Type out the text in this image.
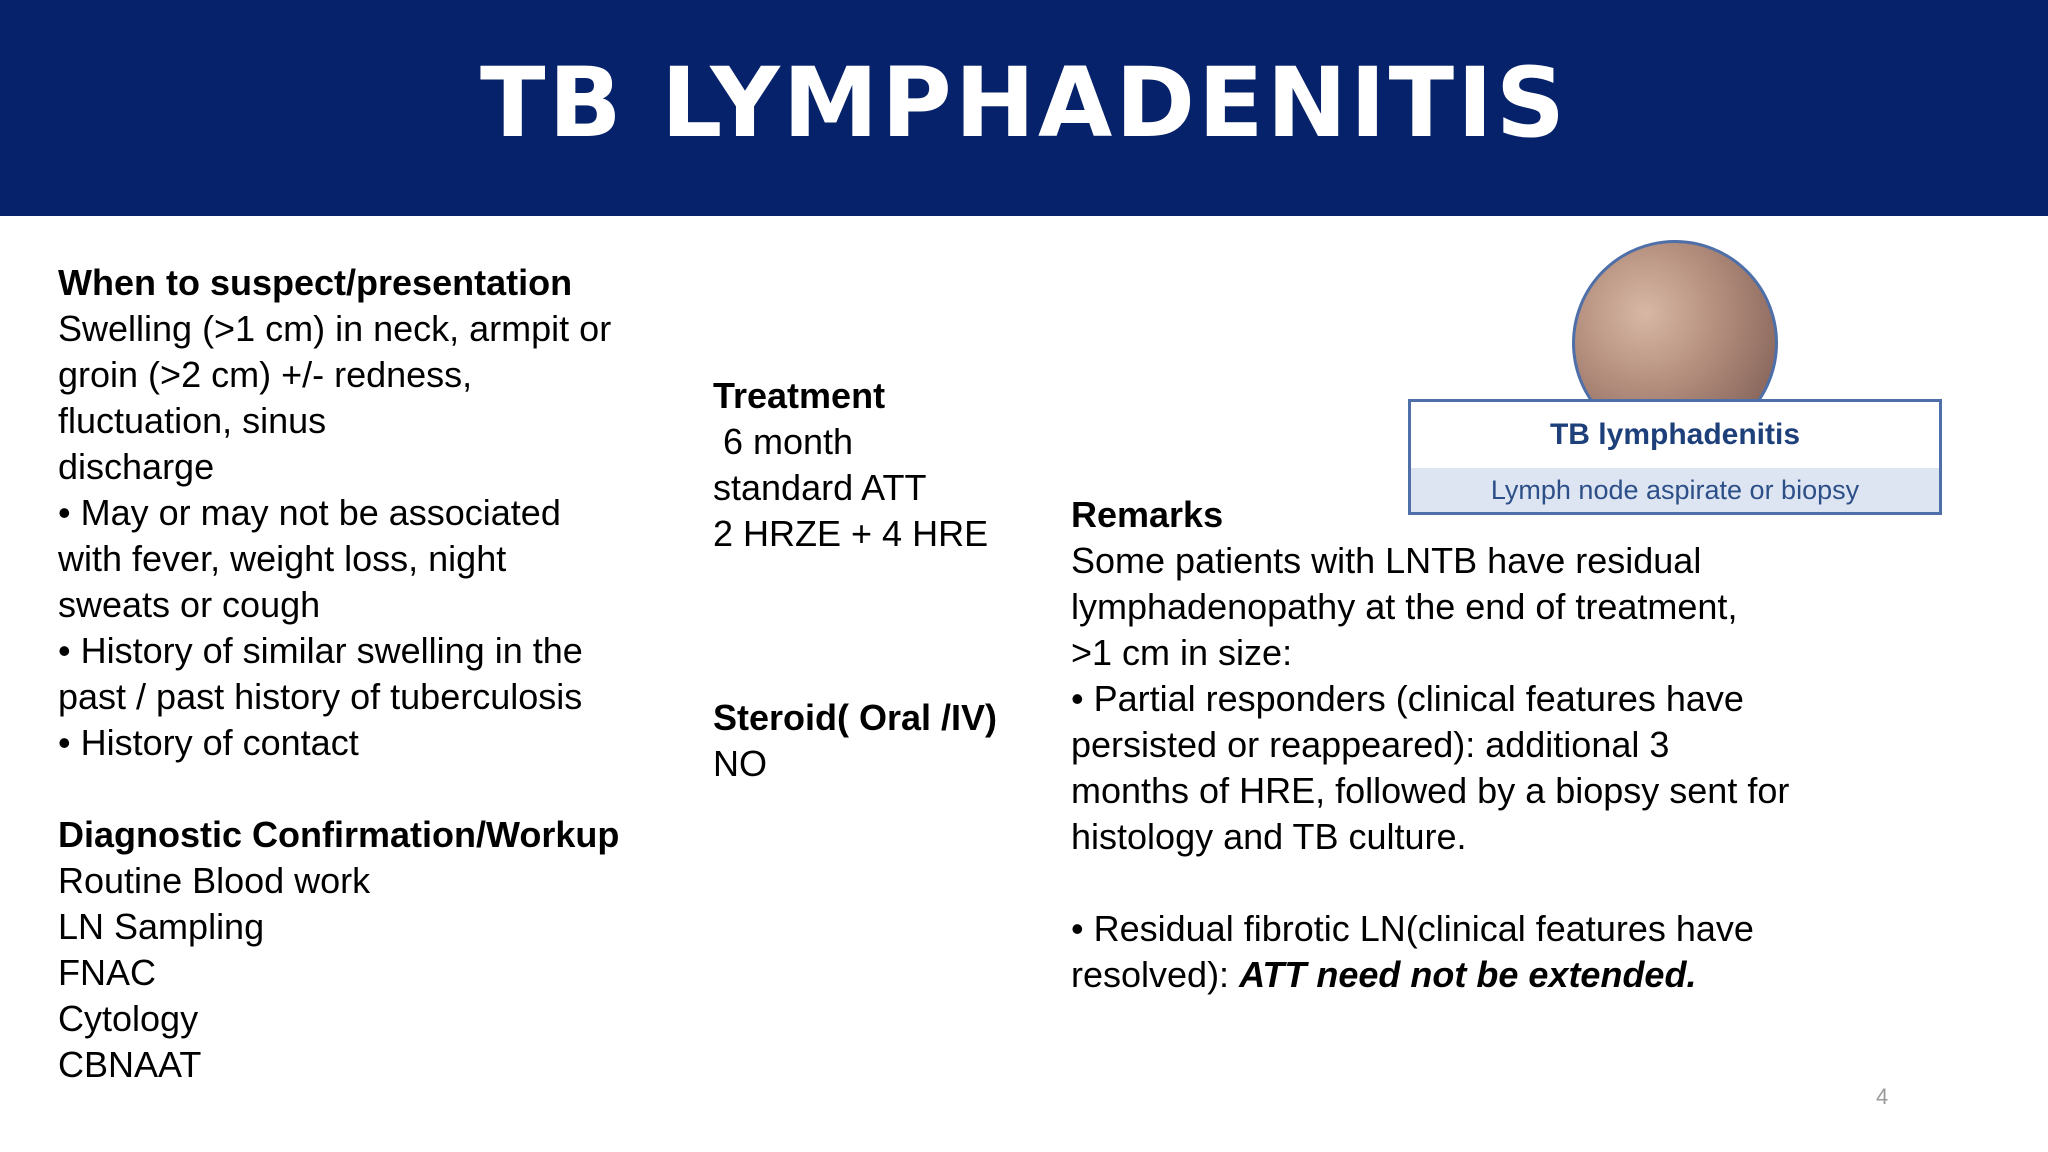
TB LYMPHADENITIS

When to suspect/presentation

Swelling (>1 cm) in neck, armpit or

groin (>2 cm) +/- redness,

fluctuation, sinus

discharge

• May or may not be associated

with fever, weight loss, night

sweats or cough

• History of similar swelling in the

past / past history of tuberculosis

• History of contact

Diagnostic Confirmation/Workup

Routine Blood work

LN Sampling

FNAC

Cytology

CBNAAT

Treatment

6 month

standard ATT

2 HRZE + 4 HRE

Steroid( Oral /IV)

NO

Remarks

Some patients with LNTB have residual

lymphadenopathy at the end of treatment,

>1 cm in size:

• Partial responders (clinical features have

persisted or reappeared): additional 3

months of HRE, followed by a biopsy sent for

histology and TB culture.

• Residual fibrotic LN(clinical features have

resolved): ATT need not be extended.

TB lymphadenitis
Lymph node aspirate or biopsy
4
